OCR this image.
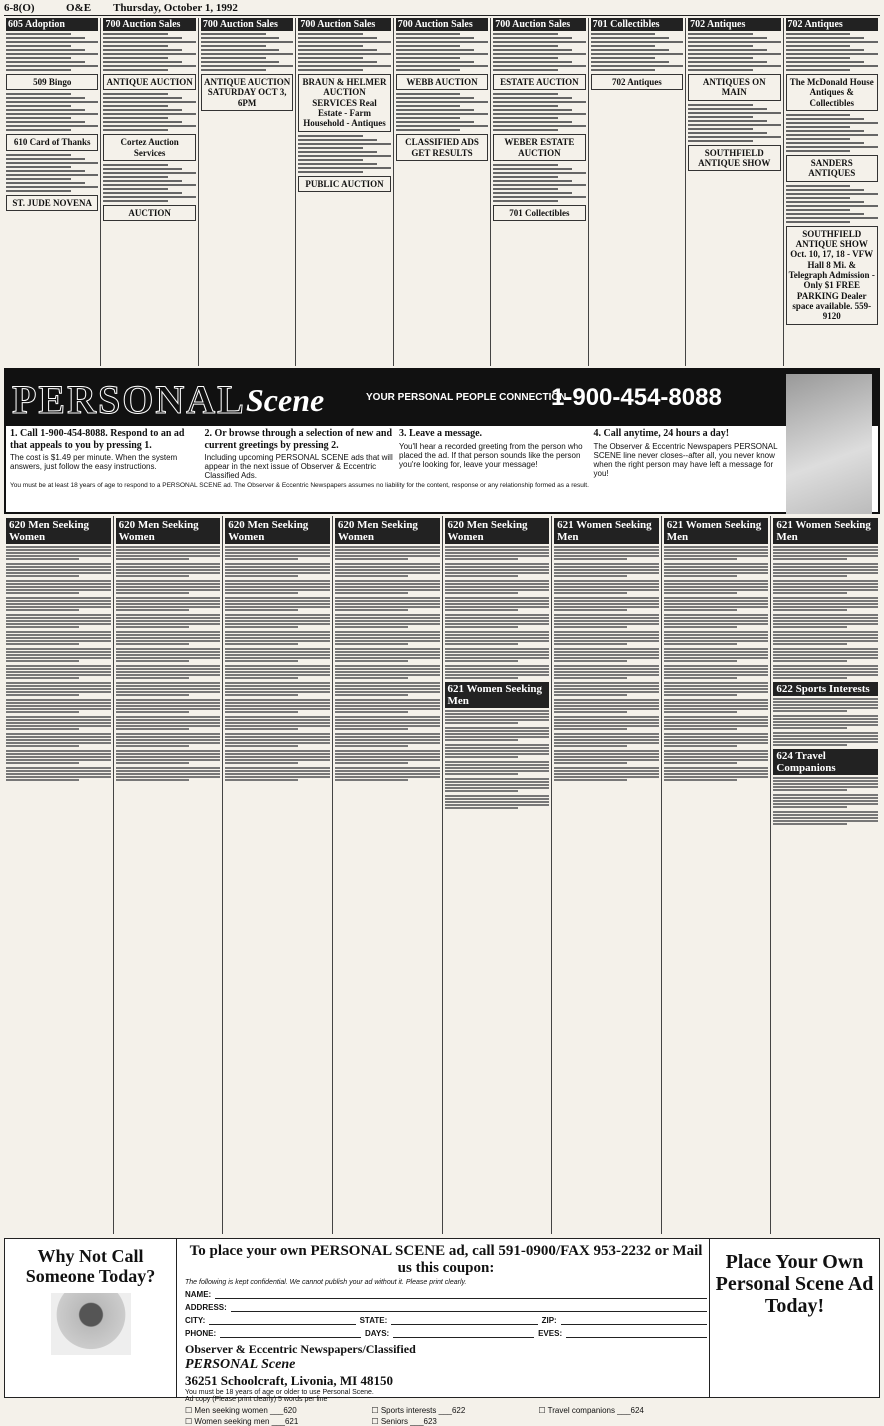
6-8(O)	O&E Thursday, October 1, 1992
605 Adoption
509 Bingo
610 Card of Thanks
ST. JUDE NOVENA
700 Auction Sales
ANTIQUE AUCTION
Cortez Auction Services
AUCTION
700 Auction Sales
ANTIQUE AUCTION SATURDAY OCT 3, 6PM
700 Auction Sales
BRAUN & HELMER AUCTION SERVICES Real Estate - Farm Household - Antiques
PUBLIC AUCTION
700 Auction Sales
WEBB AUCTION
CLASSIFIED ADS GET RESULTS
700 Auction Sales
ESTATE AUCTION
WEBER ESTATE AUCTION
701 Collectibles
701 Collectibles
702 Antiques
702 Antiques
ANTIQUES ON MAIN
SOUTHFIELD ANTIQUE SHOW
702 Antiques
The McDonald House Antiques & Collectibles
SANDERS ANTIQUES
SOUTHFIELD ANTIQUE SHOW Oct. 10, 17, 18 - VFW Hall 8 Mi. & Telegraph Admission - Only $1 FREE PARKING Dealer space available. 559-9120
PERSONAL Scene	YOUR PERSONAL PEOPLE CONNECTION
1-900-454-8088
1. Call 1-900-454-8088. Respond to an ad that appeals to you by pressing 1.
The cost is $1.49 per minute. When the system answers, just follow the easy instructions.
2. Or browse through a selection of new and current greetings by pressing 2.
Including upcoming PERSONAL SCENE ads that will appear in the next issue of Observer & Eccentric Classified Ads.
3. Leave a message.
You'll hear a recorded greeting from the person who placed the ad. If that person sounds like the person you're looking for, leave your message!
4. Call anytime, 24 hours a day!
The Observer & Eccentric Newspapers PERSONAL SCENE line never closes--after all, you never know when the right person may have left a message for you!
You must be at least 18 years of age to respond to a PERSONAL SCENE ad. The Observer & Eccentric Newspapers assumes no liability for the content, response or any relationship formed as a result.
620 Men Seeking Women
620 Men Seeking Women
620 Men Seeking Women
620 Men Seeking Women
620 Men Seeking Women
621 Women Seeking Men
621 Women Seeking Men
621 Women Seeking Men
621 Women Seeking Men
622 Sports Interests
624 Travel Companions
Why Not Call Someone Today?
To place your own PERSONAL SCENE ad, call 591-0900/FAX 953-2232 or Mail us this coupon:
The following is kept confidential. We cannot publish your ad without it. Please print clearly.
NAME:
ADDRESS:
CITY:	STATE:	ZIP:
PHONE:	DAYS:	EVES:
Observer & Eccentric Newspapers/Classified
PERSONAL Scene
36251 Schoolcraft, Livonia, MI 48150
You must be 18 years of age or older to use Personal Scene.
Ad copy (Please print clearly) 5 words per line
☐ Men seeking women ___620	☐ Sports interests ___622	☐ Travel companions ___624
☐ Women seeking men ___621	☐ Seniors ___623
Place Your Own Personal Scene Ad Today!
